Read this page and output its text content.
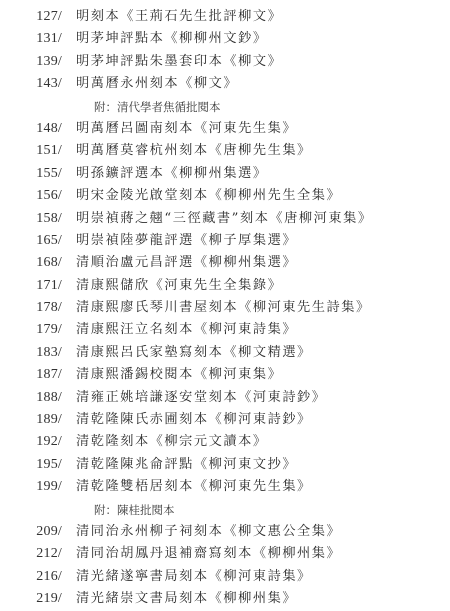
127/ 明刻本《王荊石先生批評柳文》
131/ 明茅坤評點本《柳柳州文鈔》
139/ 明茅坤評點朱墨套印本《柳文》
143/ 明萬曆永州刻本《柳文》
附：清代學者焦循批閱本
148/ 明萬曆呂圖南刻本《河東先生集》
151/ 明萬曆莫睿杭州刻本《唐柳先生集》
155/ 明孫鑛評選本《柳柳州集選》
156/ 明宋金陵光啟堂刻本《柳柳州先生全集》
158/ 明崇禎蔣之翹“三徑藏書”刻本《唐柳河東集》
165/ 明崇禎陸夢龍評選《柳子厚集選》
168/ 清順治盧元昌評選《柳柳州集選》
171/ 清康熙儲欣《河東先生全集錄》
178/ 清康熙廖氏琴川書屋刻本《柳河東先生詩集》
179/ 清康熙汪立名刻本《柳河東詩集》
183/ 清康熙呂氏家塾寫刻本《柳文精選》
187/ 清康熙潘錫校閱本《柳河東集》
188/ 清雍正姚培謙逐安堂刻本《河東詩鈔》
189/ 清乾隆陳氏赤圃刻本《柳河東詩鈔》
192/ 清乾隆刻本《柳宗元文讀本》
195/ 清乾隆陳兆侖評點《柳河東文抄》
199/ 清乾隆雙梧居刻本《柳河東先生集》
附：陳桂批閱本
209/ 清同治永州柳子祠刻本《柳文惠公全集》
212/ 清同治胡鳳丹退補齋寫刻本《柳柳州集》
216/ 清光緒遂寧書局刻本《柳河東詩集》
219/ 清光緒崇文書局刻本《柳柳州集》
